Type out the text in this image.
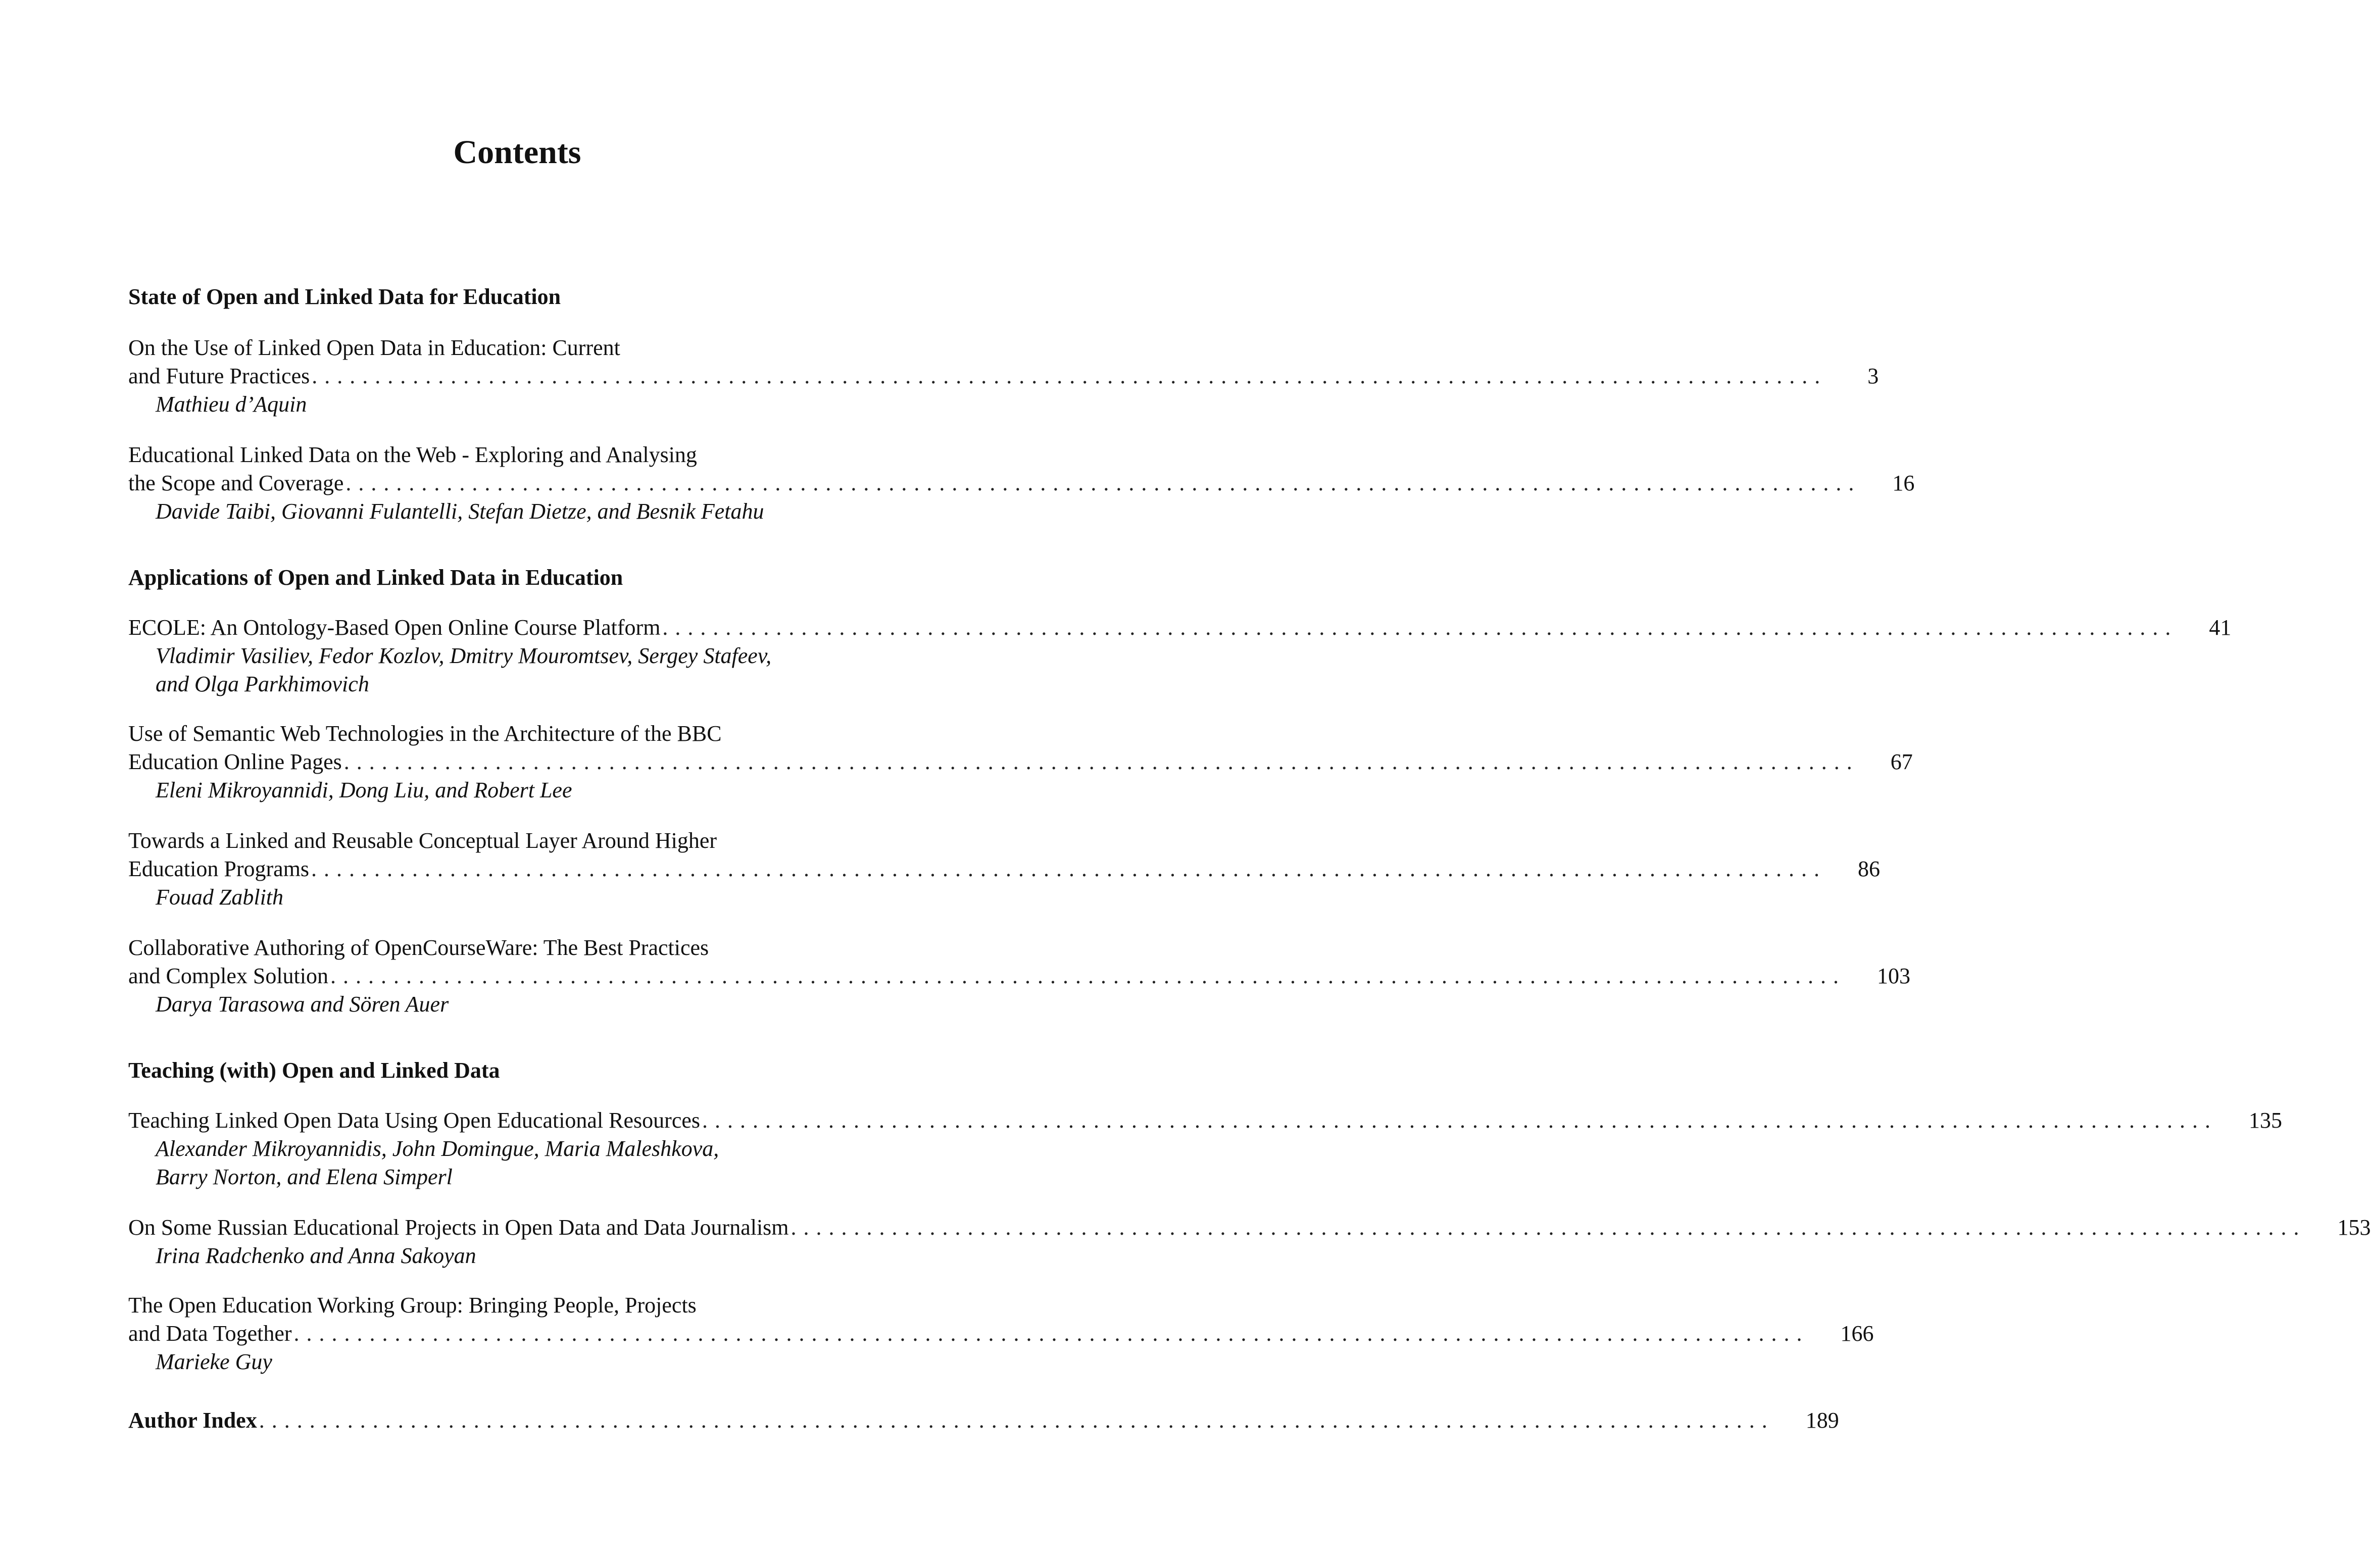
Contents
State of Open and Linked Data for Education
On the Use of Linked Open Data in Education: Current
and Future Practices ........................................................................................................................	3
Mathieu d’Aquin
Educational Linked Data on the Web - Exploring and Analysing
the Scope and Coverage ........................................................................................................................ 16
Davide Taibi, Giovanni Fulantelli, Stefan Dietze, and Besnik Fetahu
Applications of Open and Linked Data in Education
ECOLE: An Ontology-Based Open Online Course Platform ........................................................................................................................ 41
Vladimir Vasiliev, Fedor Kozlov, Dmitry Mouromtsev, Sergey Stafeev,
and Olga Parkhimovich
Use of Semantic Web Technologies in the Architecture of the BBC
Education Online Pages ........................................................................................................................ 67
Eleni Mikroyannidi, Dong Liu, and Robert Lee
Towards a Linked and Reusable Conceptual Layer Around Higher
Education Programs ........................................................................................................................ 86
Fouad Zablith
Collaborative Authoring of OpenCourseWare: The Best Practices
and Complex Solution ........................................................................................................................ 103
Darya Tarasowa and Sören Auer
Teaching (with) Open and Linked Data
Teaching Linked Open Data Using Open Educational Resources ........................................................................................................................ 135
Alexander Mikroyannidis, John Domingue, Maria Maleshkova,
Barry Norton, and Elena Simperl
On Some Russian Educational Projects in Open Data and Data Journalism ........................................................................................................................ 153
Irina Radchenko and Anna Sakoyan
The Open Education Working Group: Bringing People, Projects
and Data Together ........................................................................................................................ 166
Marieke Guy
Author Index ........................................................................................................................ 189
